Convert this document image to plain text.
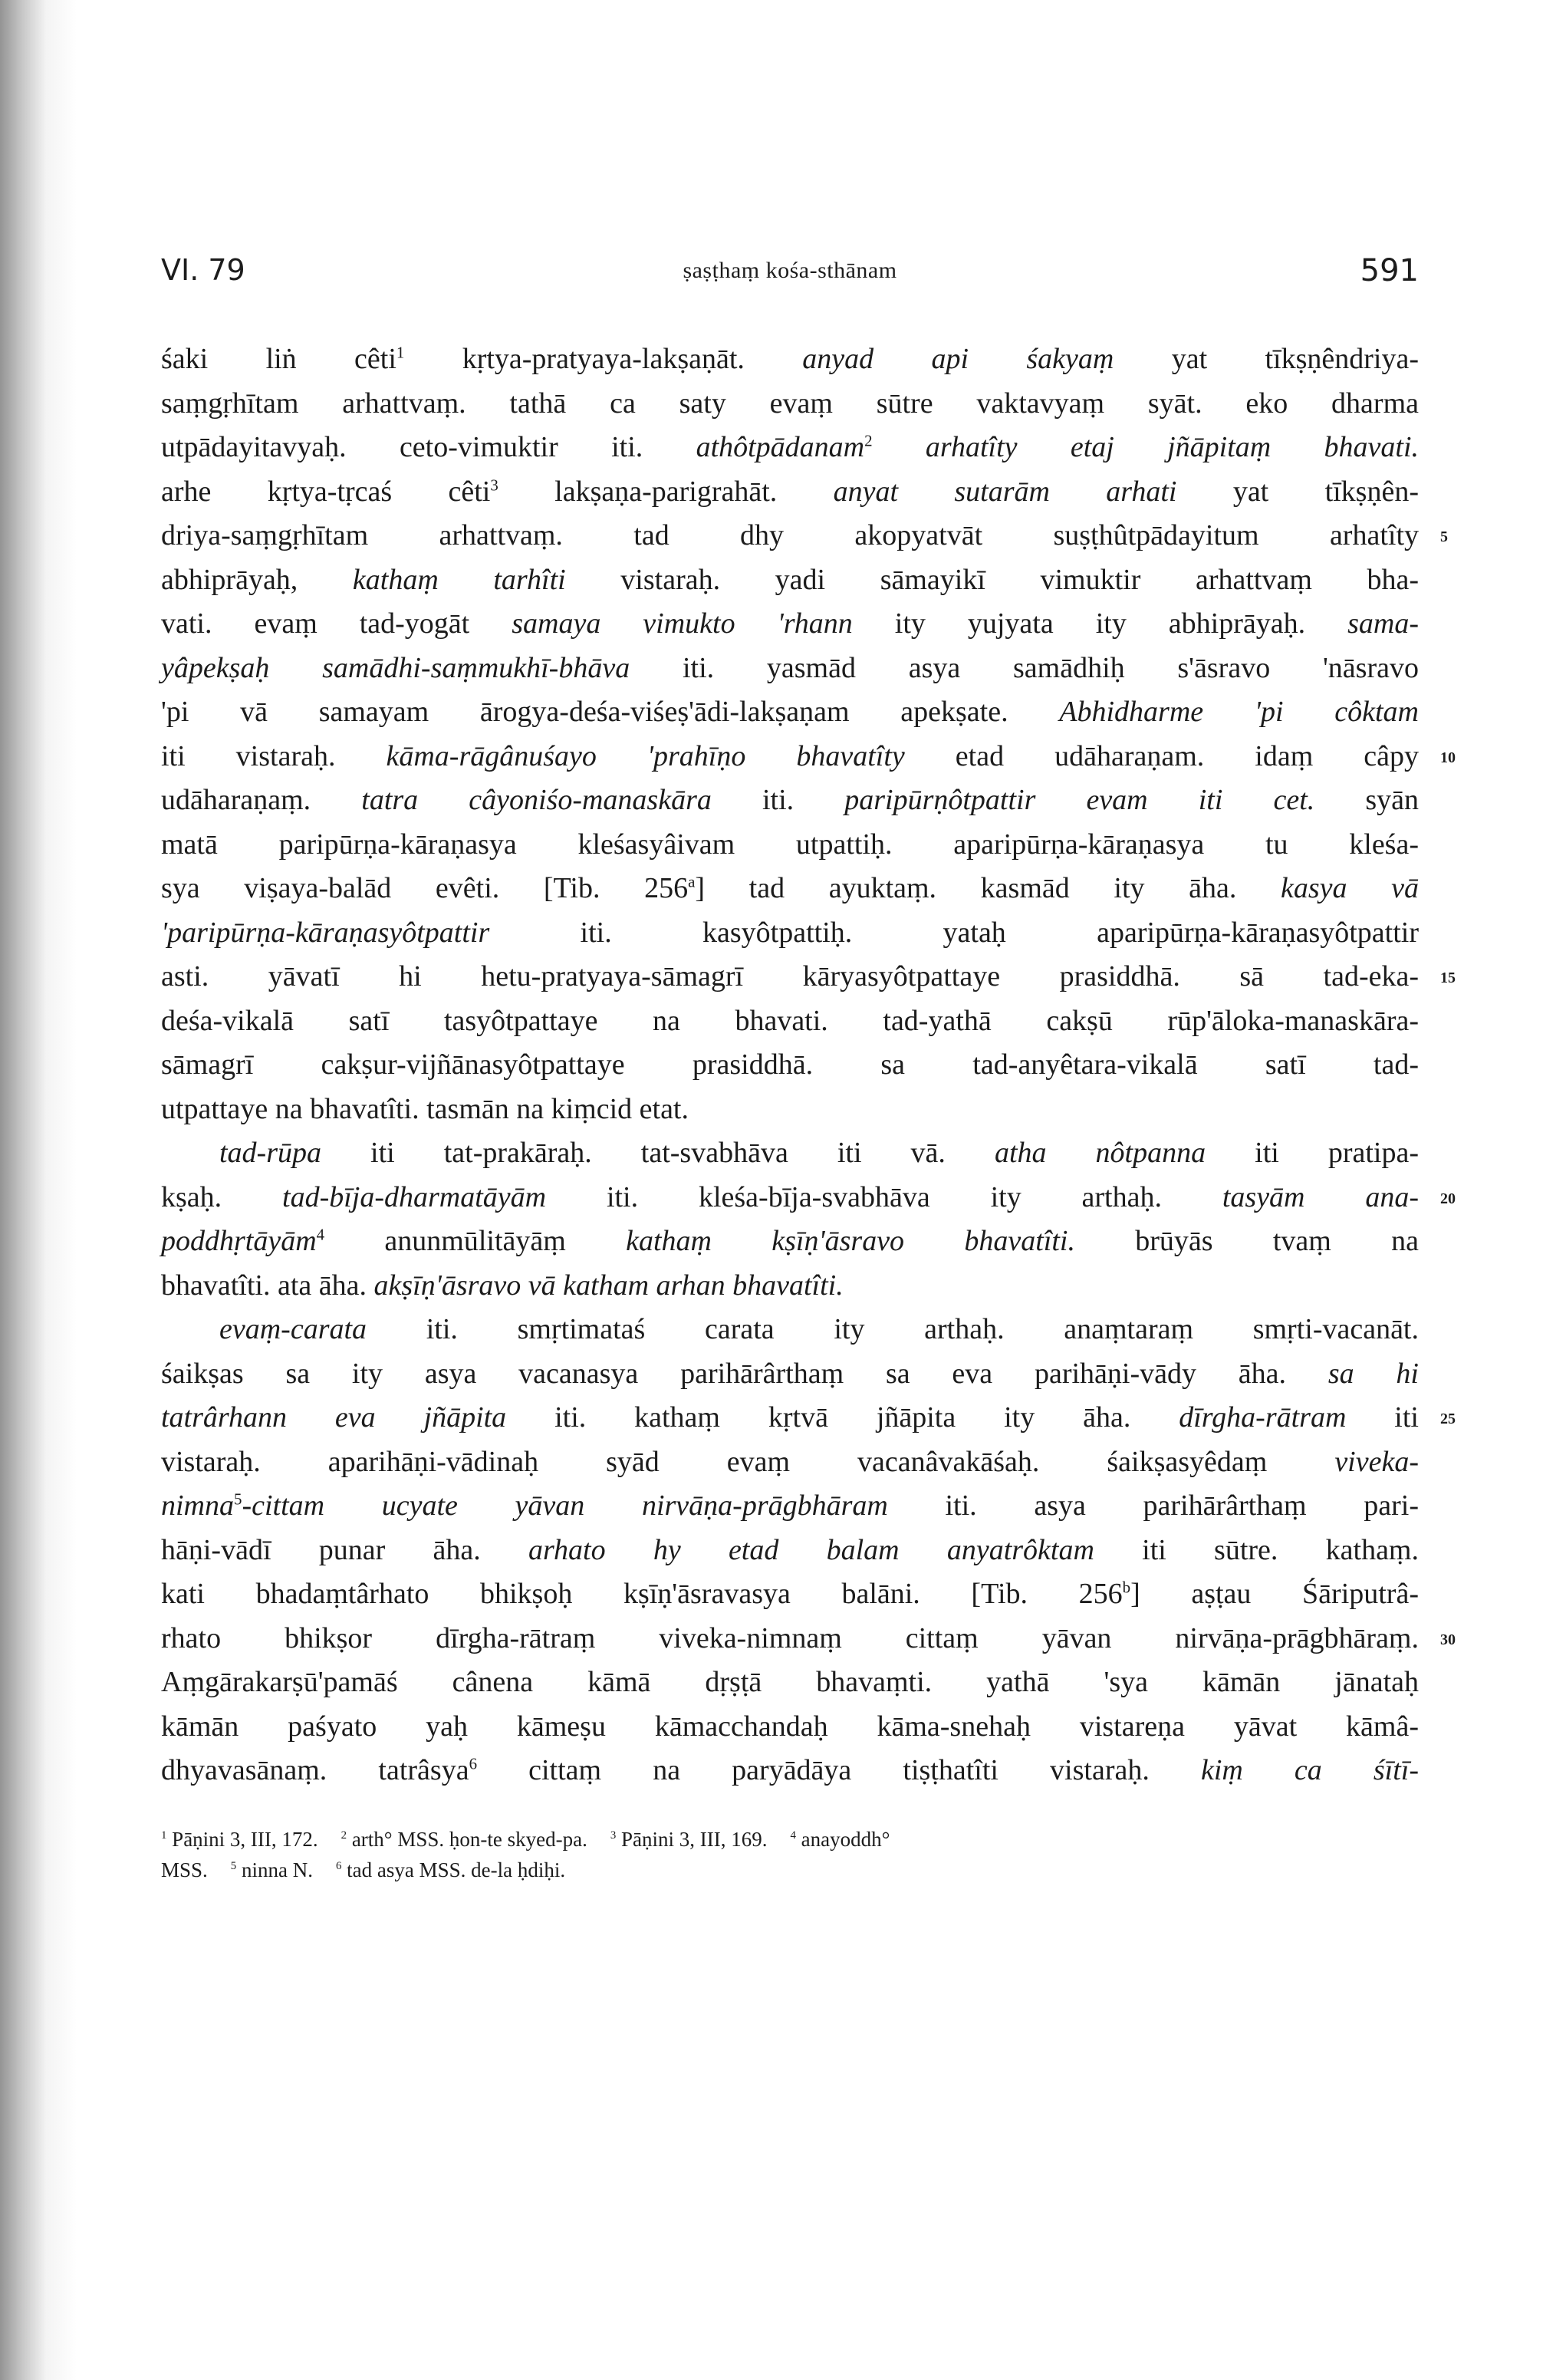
VI. 79	ṣaṣṭhaṃ kośa-sthānam	591
śaki liṅ cêti$^1$ kṛtya-pratyaya-lakṣaṇāt. anyad api śakyaṃ yat tīkṣṇêndriya-
saṃgṛhītam arhattvaṃ. tathā ca saty evaṃ sūtre vaktavyaṃ syāt. eko dharma
utpādayitavyaḥ. ceto-vimuktir iti. athôtpādanam$^2$ arhatîty etaj jñāpitaṃ bhavati.
arhe kṛtya-tṛcaś cêti$^3$ lakṣaṇa-parigrahāt. anyat sutarām arhati yat tīkṣṇên-
driya-saṃgṛhītam arhattvaṃ. tad dhy akopyatvāt suṣṭhûtpādayitum arhatîty 5
abhiprāyaḥ, kathaṃ tarhîti vistaraḥ. yadi sāmayikī vimuktir arhattvaṃ bha-
vati. evaṃ tad-yogāt samaya vimukto 'rhann ity yujyata ity abhiprāyaḥ. sama-
yâpekṣaḥ samādhi-saṃmukhī-bhāva iti. yasmād asya samādhiḥ s'āsravo 'nāsravo
'pi vā samayam ārogya-deśa-viśeṣ'ādi-lakṣaṇam apekṣate. Abhidharme 'pi côktam
iti vistaraḥ. kāma-rāgânuśayo 'prahīṇo bhavatîty etad udāharaṇam. idaṃ câpy 10
udāharaṇaṃ. tatra câyoniśo-manaskāra iti. paripūrṇôtpattir evam iti cet. syān
matā paripūrṇa-kāraṇasya kleśasyâivam utpattiḥ. aparipūrṇa-kāraṇasya tu kleśa-
sya viṣaya-balād evêti. [Tib. 256$^a$] tad ayuktaṃ. kasmād ity āha. kasya vā
'paripūrṇa-kāraṇasyôtpattir iti. kasyôtpattiḥ. yataḥ aparipūrṇa-kāraṇasyôtpattir
asti. yāvatī hi hetu-pratyaya-sāmagrī kāryasyôtpattaye prasiddhā. sā tad-eka- 15
deśa-vikalā satī tasyôtpattaye na bhavati. tad-yathā cakṣū rūp'āloka-manaskāra-
sāmagrī cakṣur-vijñānasyôtpattaye prasiddhā. sa tad-anyêtara-vikalā satī tad-
utpattaye na bhavatîti. tasmān na kiṃcid etat.
tad-rūpa iti tat-prakāraḥ. tat-svabhāva iti vā. atha nôtpanna iti pratipa-
kṣaḥ. tad-bīja-dharmatāyām iti. kleśa-bīja-svabhāva ity arthaḥ. tasyām ana- 20
poddhṛtāyām$^4$ anunmūlitāyāṃ kathaṃ kṣīṇ'āsravo bhavatîti. brūyās tvaṃ na
bhavatîti. ata āha. akṣīṇ'āsravo vā katham arhan bhavatîti.
evaṃ-carata iti. smṛtimataś carata ity arthaḥ. anaṃtaraṃ smṛti-vacanāt.
śaikṣas sa ity asya vacanasya parihārârthaṃ sa eva parihāṇi-vādy āha. sa hi
tatrârhann eva jñāpita iti. kathaṃ kṛtvā jñāpita ity āha. dīrgha-rātram iti 25
vistaraḥ. aparihāṇi-vādinaḥ syād evaṃ vacanâvakāśaḥ. śaikṣasyêdaṃ viveka-
nimna$^5$-cittam ucyate yāvan nirvāṇa-prāgbhāram iti. asya parihārârthaṃ pari-
hāṇi-vādī punar āha. arhato hy etad balam anyatrôktam iti sūtre. kathaṃ.
kati bhadaṃtârhato bhikṣoḥ kṣīṇ'āsravasya balāni. [Tib. 256$^b$] aṣṭau Śāriputrâ-
rhato bhikṣor dīrgha-rātraṃ viveka-nimnaṃ cittaṃ yāvan nirvāṇa-prāgbhāraṃ. 30
Aṃgārakarṣū'pamāś cânena kāmā dṛṣṭā bhavaṃti. yathā 'sya kāmān jānataḥ
kāmān paśyato yaḥ kāmeṣu kāmacchandaḥ kāma-snehaḥ vistareṇa yāvat kāmâ-
dhyavasānaṃ. tatrâsya$^6$ cittaṃ na paryādāya tiṣṭhatîti vistaraḥ. kiṃ ca śītī-
$^1$ Pāṇini 3, III, 172. $^2$ arth° MSS. ḥon-te skyed-pa. $^3$ Pāṇini 3, III, 169. $^4$ anayoddh°
MSS. $^5$ ninna N. $^6$ tad asya MSS. de-la ḥdiḥi.
